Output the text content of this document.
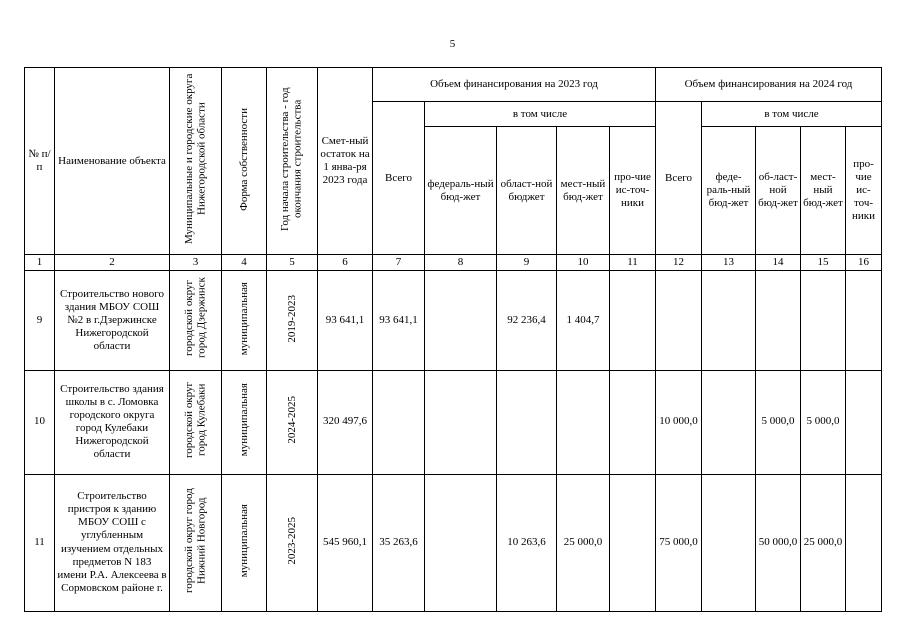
5
№ п/п	Наименование объекта	Муниципальные и городские округа Нижегородской области	Форма собственности	Год начала строительства - год окончания строительства	Смет-ный остаток на 1 янва-ря 2023 года	Объем финансирования на 2023 год					Объем финансирования на 2024 год				
						Всего	в том числе				Всего	в том числе			
							федераль-ный бюд-жет	област-ной бюджет	мест-ный бюд-жет	про-чие ис-точ-ники		феде-раль-ный бюд-жет	об-ласт-ной бюд-жет	мест-ный бюд-жет	про-чие ис-точ-ники
1	2	3	4	5	6	7	8	9	10	11	12	13	14	15	16
9	Строительство нового здания МБОУ СОШ №2 в г.Дзержинске Нижегородской области	городской округ город Дзержинск	муниципальная	2019-2023	93 641,1	93 641,1		92 236,4	1 404,7						
10	Строительство здания школы в с. Ломовка городского округа город Кулебаки Нижегородской области	городской округ город Кулебаки	муниципальная	2024-2025	320 497,6						10 000,0		5 000,0	5 000,0	
11	Строительство пристроя к зданию МБОУ СОШ с углубленным изучением отдельных предметов N 183 имени Р.А. Алексеева в Сормовском районе г.	городской округ город Нижний Новгород	муниципальная	2023-2025	545 960,1	35 263,6		10 263,6	25 000,0		75 000,0		50 000,0	25 000,0	
